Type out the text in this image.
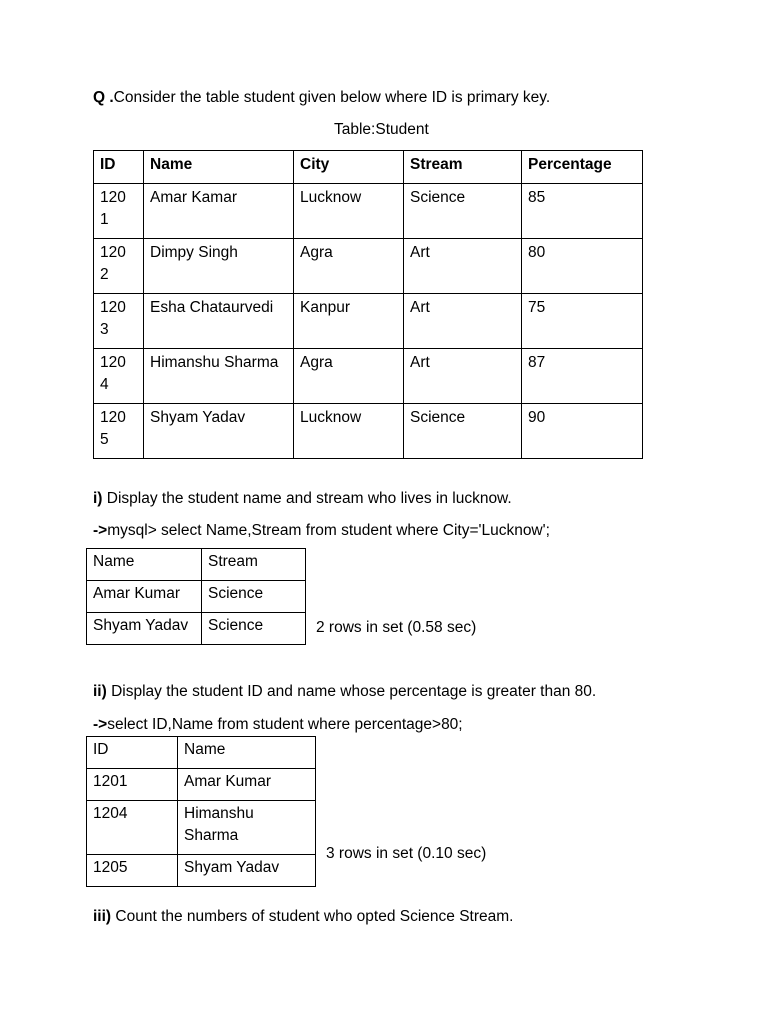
Q .Consider the table student given below where ID is primary key.
Table:Student
ID	Name	City	Stream	Percentage
120 1	Amar Kamar	Lucknow	Science	85
120 2	Dimpy Singh	Agra	Art	80
120 3	Esha Chataurvedi	Kanpur	Art	75
120 4	Himanshu Sharma	Agra	Art	87
120 5	Shyam Yadav	Lucknow	Science	90
i) Display the student name and stream who lives in lucknow.
->mysql> select Name,Stream from student where City='Lucknow';
Name	Stream
Amar Kumar	Science
Shyam Yadav	Science	2 rows in set (0.58 sec)
ii) Display the student ID and name whose percentage is greater than 80.
->select ID,Name from student where percentage>80;
ID	Name
1201	Amar Kumar
1204	Himanshu Sharma
1205	Shyam Yadav
3 rows in set (0.10 sec)
iii) Count the numbers of student who opted Science Stream.
